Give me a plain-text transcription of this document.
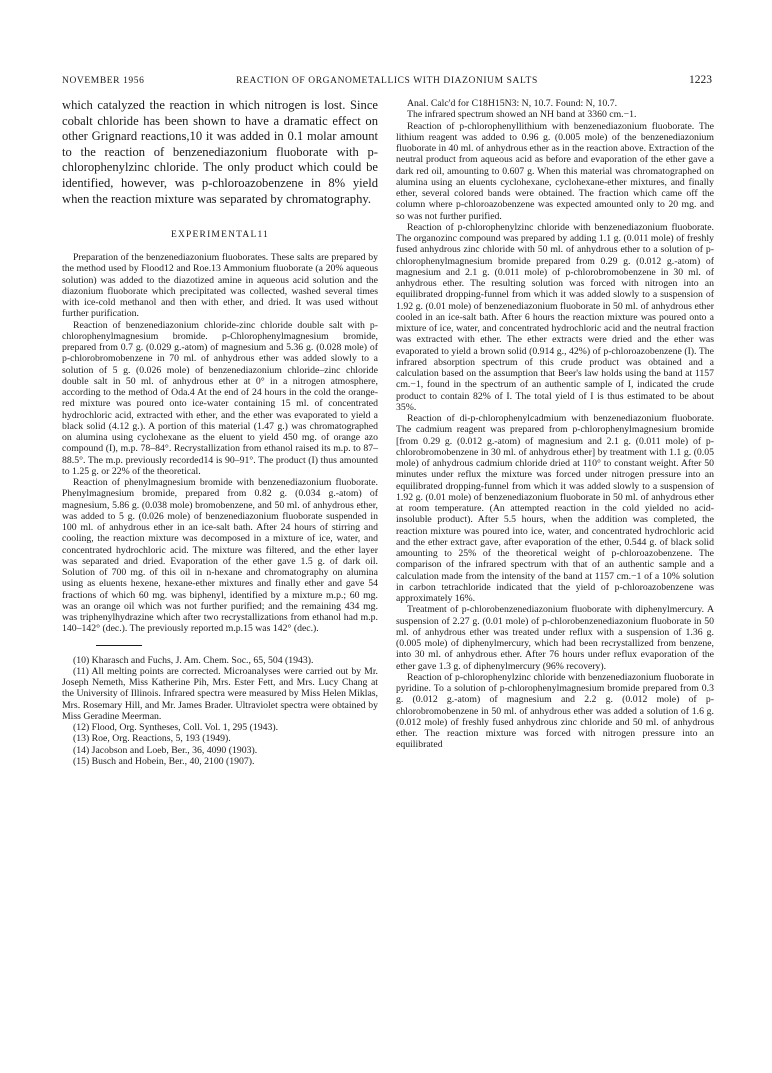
NOVEMBER 1956	REACTION OF ORGANOMETALLICS WITH DIAZONIUM SALTS	1223

which catalyzed the reaction in which nitrogen is lost. Since cobalt chloride has been shown to have a dramatic effect on other Grignard reactions,10 it was added in 0.1 molar amount to the reaction of benzenediazonium fluoborate with p-chlorophenylzinc chloride. The only product which could be identified, however, was p-chloroazobenzene in 8% yield when the reaction mixture was separated by chromatography.

EXPERIMENTAL11

Preparation of the benzenediazonium fluoborates. These salts are prepared by the method used by Flood12 and Roe.13 Ammonium fluoborate (a 20% aqueous solution) was added to the diazotized amine in aqueous acid solution and the diazonium fluoborate which precipitated was collected, washed several times with ice-cold methanol and then with ether, and dried. It was used without further purification.

Reaction of benzenediazonium chloride-zinc chloride double salt with p-chlorophenylmagnesium bromide. p-Chlorophenylmagnesium bromide, prepared from 0.7 g. (0.029 g.-atom) of magnesium and 5.36 g. (0.028 mole) of p-chlorobromobenzene in 70 ml. of anhydrous ether was added slowly to a solution of 5 g. (0.026 mole) of benzenediazonium chloride–zinc chloride double salt in 50 ml. of anhydrous ether at 0° in a nitrogen atmosphere, according to the method of Oda.4 At the end of 24 hours in the cold the orange-red mixture was poured onto ice-water containing 15 ml. of concentrated hydrochloric acid, extracted with ether, and the ether was evaporated to yield a black solid (4.12 g.). A portion of this material (1.47 g.) was chromatographed on alumina using cyclohexane as the eluent to yield 450 mg. of orange azo compound (I), m.p. 78–84°. Recrystallization from ethanol raised its m.p. to 87–88.5°. The m.p. previously recorded14 is 90–91°. The product (I) thus amounted to 1.25 g. or 22% of the theoretical.

Reaction of phenylmagnesium bromide with benzenediazonium fluoborate. Phenylmagnesium bromide, prepared from 0.82 g. (0.034 g.-atom) of magnesium, 5.86 g. (0.038 mole) bromobenzene, and 50 ml. of anhydrous ether, was added to 5 g. (0.026 mole) of benzenediazonium fluoborate suspended in 100 ml. of anhydrous ether in an ice-salt bath. After 24 hours of stirring and cooling, the reaction mixture was decomposed in a mixture of ice, water, and concentrated hydrochloric acid. The mixture was filtered, and the ether layer was separated and dried. Evaporation of the ether gave 1.5 g. of dark oil. Solution of 700 mg. of this oil in n-hexane and chromatography on alumina using as eluents hexene, hexane-ether mixtures and finally ether and gave 54 fractions of which 60 mg. was biphenyl, identified by a mixture m.p.; 60 mg. was an orange oil which was not further purified; and the remaining 434 mg. was triphenylhydrazine which after two recrystallizations from ethanol had m.p. 140–142° (dec.). The previously reported m.p.15 was 142° (dec.).

(10) Kharasch and Fuchs, J. Am. Chem. Soc., 65, 504 (1943).

(11) All melting points are corrected. Microanalyses were carried out by Mr. Joseph Nemeth, Miss Katherine Pih, Mrs. Ester Fett, and Mrs. Lucy Chang at the University of Illinois. Infrared spectra were measured by Miss Helen Miklas, Mrs. Rosemary Hill, and Mr. James Brader. Ultraviolet spectra were obtained by Miss Geradine Meerman.

(12) Flood, Org. Syntheses, Coll. Vol. 1, 295 (1943).

(13) Roe, Org. Reactions, 5, 193 (1949).

(14) Jacobson and Loeb, Ber., 36, 4090 (1903).

(15) Busch and Hobein, Ber., 40, 2100 (1907).

Anal. Calc'd for C18H15N3: N, 10.7. Found: N, 10.7.

The infrared spectrum showed an NH band at 3360 cm.−1.

Reaction of p-chlorophenyllithium with benzenediazonium fluoborate. The lithium reagent was added to 0.96 g. (0.005 mole) of the benzenediazonium fluoborate in 40 ml. of anhydrous ether as in the reaction above. Extraction of the neutral product from aqueous acid as before and evaporation of the ether gave a dark red oil, amounting to 0.607 g. When this material was chromatographed on alumina using an eluents cyclohexane, cyclohexane-ether mixtures, and finally ether, several colored bands were obtained. The fraction which came off the column where p-chloroazobenzene was expected amounted only to 20 mg. and so was not further purified.

Reaction of p-chlorophenylzinc chloride with benzenediazonium fluoborate. The organozinc compound was prepared by adding 1.1 g. (0.011 mole) of freshly fused anhydrous zinc chloride with 50 ml. of anhydrous ether to a solution of p-chlorophenylmagnesium bromide prepared from 0.29 g. (0.012 g.-atom) of magnesium and 2.1 g. (0.011 mole) of p-chlorobromobenzene in 30 ml. of anhydrous ether. The resulting solution was forced with nitrogen into an equilibrated dropping-funnel from which it was added slowly to a suspension of 1.92 g. (0.01 mole) of benzenediazonium fluoborate in 50 ml. of anhydrous ether cooled in an ice-salt bath. After 6 hours the reaction mixture was poured onto a mixture of ice, water, and concentrated hydrochloric acid and the neutral fraction was extracted with ether. The ether extracts were dried and the ether was evaporated to yield a brown solid (0.914 g., 42%) of p-chloroazobenzene (I). The infrared absorption spectrum of this crude product was obtained and a calculation based on the assumption that Beer's law holds using the band at 1157 cm.−1, found in the spectrum of an authentic sample of I, indicated the crude product to contain 82% of I. The total yield of I is thus estimated to be about 35%.

Reaction of di-p-chlorophenylcadmium with benzenediazonium fluoborate. The cadmium reagent was prepared from p-chlorophenylmagnesium bromide [from 0.29 g. (0.012 g.-atom) of magnesium and 2.1 g. (0.011 mole) of p-chlorobromobenzene in 30 ml. of anhydrous ether] by treatment with 1.1 g. (0.05 mole) of anhydrous cadmium chloride dried at 110° to constant weight. After 50 minutes under reflux the mixture was forced under nitrogen pressure into an equilibrated dropping-funnel from which it was added slowly to a suspension of 1.92 g. (0.01 mole) of benzenediazonium fluoborate in 50 ml. of anhydrous ether at room temperature. (An attempted reaction in the cold yielded no acid-insoluble product). After 5.5 hours, when the addition was completed, the reaction mixture was poured into ice, water, and concentrated hydrochloric acid and the ether extract gave, after evaporation of the ether, 0.544 g. of black solid amounting to 25% of the theoretical weight of p-chloroazobenzene. The comparison of the infrared spectrum with that of an authentic sample and a calculation made from the intensity of the band at 1157 cm.−1 of a 10% solution in carbon tetrachloride indicated that the yield of p-chloroazobenzene was approximately 16%.

Treatment of p-chlorobenzenediazonium fluoborate with diphenylmercury. A suspension of 2.27 g. (0.01 mole) of p-chlorobenzenediazonium fluoborate in 50 ml. of anhydrous ether was treated under reflux with a suspension of 1.36 g. (0.005 mole) of diphenylmercury, which had been recrystallized from benzene, into 30 ml. of anhydrous ether. After 76 hours under reflux evaporation of the ether gave 1.3 g. of diphenylmercury (96% recovery).

Reaction of p-chlorophenylzinc chloride with benzenediazonium fluoborate in pyridine. To a solution of p-chlorophenylmagnesium bromide prepared from 0.3 g. (0.012 g.-atom) of magnesium and 2.2 g. (0.012 mole) of p-chlorobromobenzene in 50 ml. of anhydrous ether was added a solution of 1.6 g. (0.012 mole) of freshly fused anhydrous zinc chloride and 50 ml. of anhydrous ether. The reaction mixture was forced with nitrogen pressure into an equilibrated
